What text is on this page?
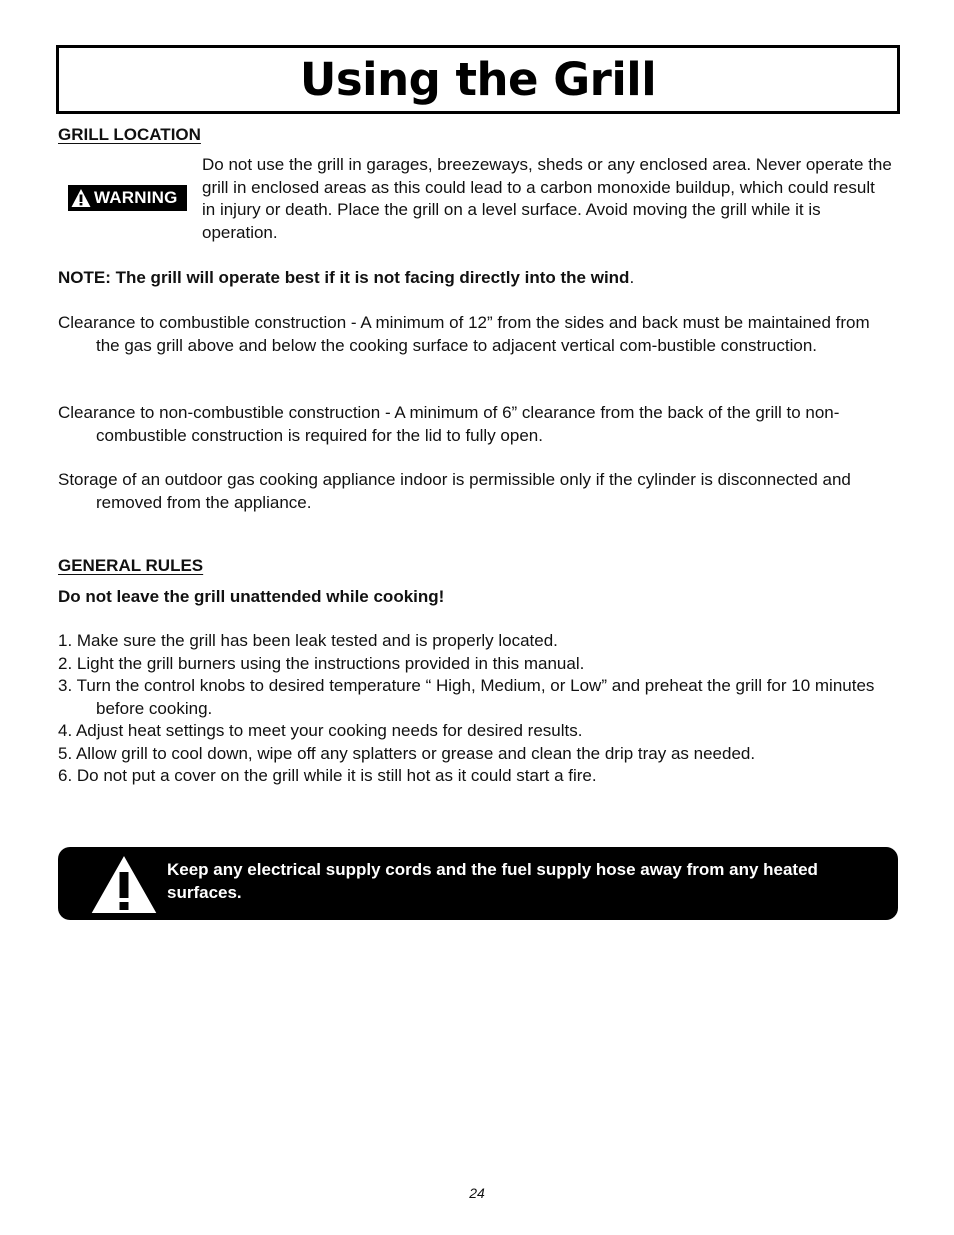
Using the Grill
GRILL LOCATION
WARNING
Do not use the grill in garages, breezeways, sheds or any enclosed area. Never operate the grill in enclosed areas as this could lead to a carbon monoxide buildup, which could result in injury or death. Place the grill on a level surface. Avoid moving the grill while it is operation.
NOTE: The grill will operate best if it is not facing directly into the wind.
Clearance to combustible construction - A minimum of 12” from the sides and back must be maintained from the gas grill above and below the cooking surface to adjacent vertical com-bustible construction.
Clearance to non-combustible construction - A minimum of 6” clearance from the back of the grill to non-combustible construction is required for the lid to fully open.
Storage of an outdoor gas cooking appliance indoor is permissible only if the cylinder is disconnected and removed from the appliance.
GENERAL RULES
Do not leave the grill unattended while cooking!
1. Make sure the grill has been leak tested and is properly located.
2. Light the grill burners using the instructions provided in this manual.
3. Turn the control knobs to desired temperature “ High, Medium, or Low” and preheat the grill for 10 minutes before cooking.
4. Adjust heat settings to meet your cooking needs for desired results.
5. Allow grill to cool down, wipe off any splatters or grease and clean the drip tray as needed.
6. Do not put a cover on the grill while it is still hot as it could start a fire.
Keep any electrical supply cords and the fuel supply hose away from any heated surfaces.
24
